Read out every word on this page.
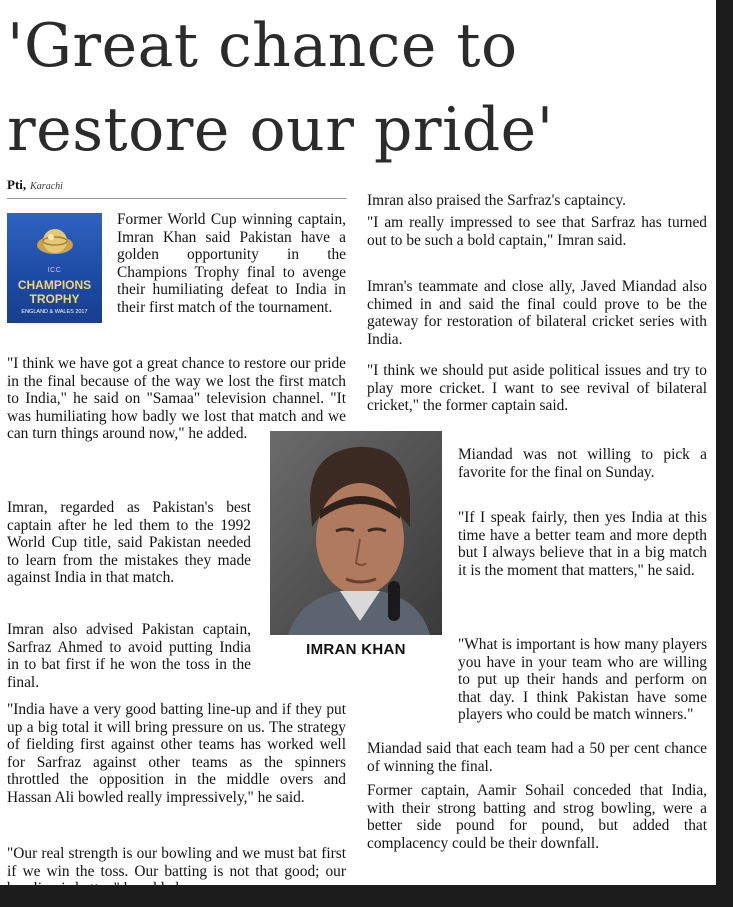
'Great chance to
restore our pride'
Pti, Karachi
ICC
CHAMPIONS
TROPHY
ENGLAND & WALES 2017

Former World Cup winning captain, Imran Khan said Pakistan have a golden opportunity in the Champions Trophy final to avenge their humiliating defeat to India in their first match of the tournament.

"I think we have got a great chance to restore our pride in the final because of the way we lost the first match to India," he said on "Samaa" television channel. "It was humiliating how badly we lost that match and we can turn things around now," he added.

Imran, regarded as Pakistan's best captain after he led them to the 1992 World Cup title, said Pakistan needed to learn from the mistakes they made against India in that match.

Imran also advised Pakistan captain, Sarfraz Ahmed to avoid putting India in to bat first if he won the toss in the final.

"India have a very good batting line-up and if they put up a big total it will bring pressure on us. The strategy of fielding first against other teams has worked well for Sarfraz against other teams as the spinners throttled the opposition in the middle overs and Hassan Ali bowled really impressively," he said.

"Our real strength is our bowling and we must bat first if we win the toss. Our batting is not that good; our

Imran also praised the Sarfraz's captaincy.

"I am really impressed to see that Sarfraz has turned out to be such a bold captain," Imran said.

Imran's teammate and close ally, Javed Miandad also chimed in and said the final could prove to be the gateway for restoration of bilateral cricket series with India.

"I think we should put aside political issues and try to play more cricket. I want to see revival of bilateral cricket," the former captain said.

Miandad was not willing to pick a favorite for the final on Sunday.

"If I speak fairly, then yes India at this time have a better team and more depth but I always believe that in a big match it is the moment that matters," he said.

"What is important is how many players you have in your team who are willing to put up their hands and perform on that day. I think Pakistan have some players who could be match winners."

Miandad said that each team had a 50 per cent chance of winning the final.

Former captain, Aamir Sohail conceded that India, with their strong batting and strog bowling, were a better side pound for pound, but added that complacency could be their downfall.

IMRAN KHAN
